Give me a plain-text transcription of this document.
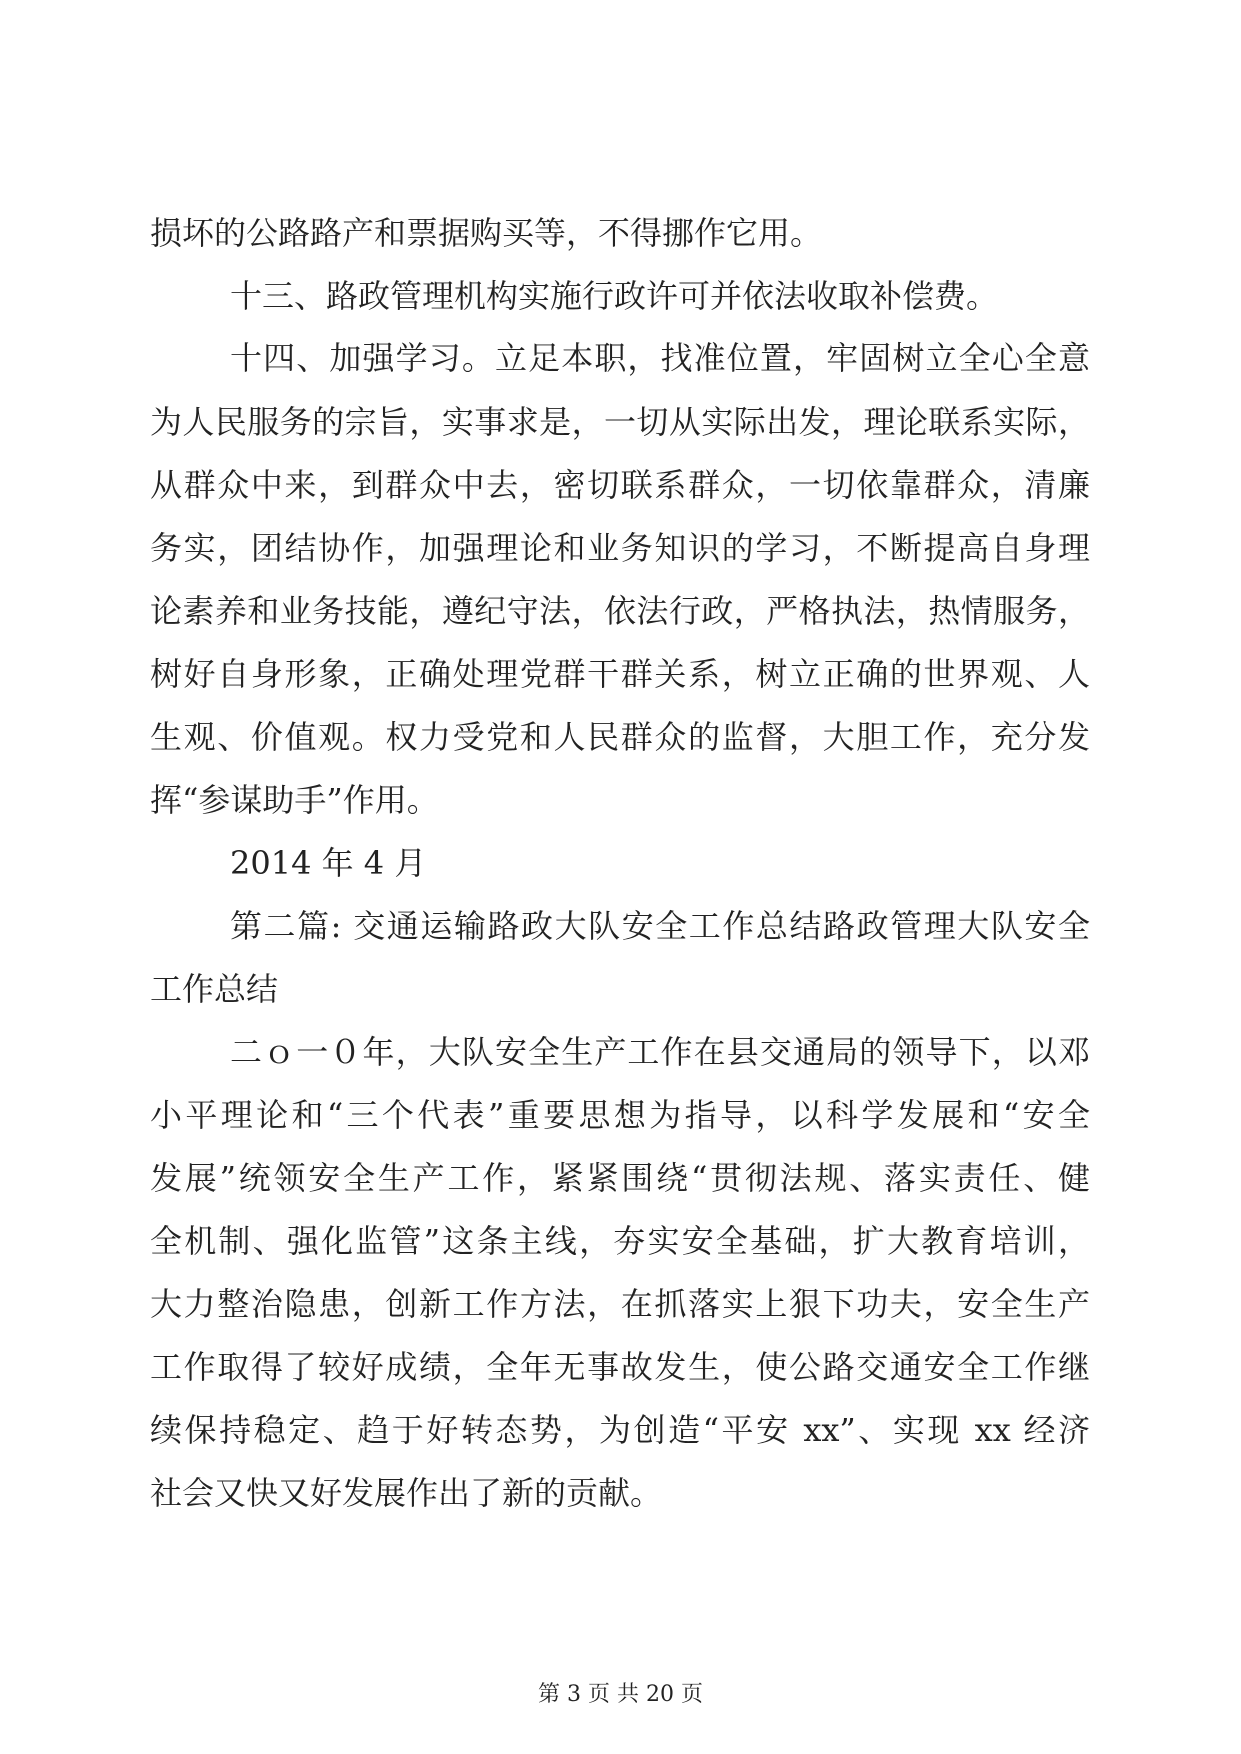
损坏的公路路产和票据购买等，不得挪作它用。
十三、路政管理机构实施行政许可并依法收取补偿费。
十四、加强学习。立足本职，找准位置，牢固树立全心全意
为人民服务的宗旨，实事求是，一切从实际出发，理论联系实际，
从群众中来，到群众中去，密切联系群众，一切依靠群众，清廉
务实，团结协作，加强理论和业务知识的学习，不断提高自身理
论素养和业务技能，遵纪守法，依法行政，严格执法，热情服务，
树好自身形象，正确处理党群干群关系，树立正确的世界观、人
生观、价值观。权力受党和人民群众的监督，大胆工作，充分发
挥“参谋助手”作用。
2014 年 4 月
第二篇: 交通运输路政大队安全工作总结路政管理大队安全
工作总结
二ｏ一０年，大队安全生产工作在县交通局的领导下，以邓
小平理论和“三个代表”重要思想为指导，以科学发展和“安全
发展”统领安全生产工作，紧紧围绕“贯彻法规、落实责任、健
全机制、强化监管”这条主线，夯实安全基础，扩大教育培训，
大力整治隐患，创新工作方法，在抓落实上狠下功夫，安全生产
工作取得了较好成绩，全年无事故发生，使公路交通安全工作继
续保持稳定、趋于好转态势，为创造“平安 xx”、实现 xx 经济
社会又快又好发展作出了新的贡献。
第 3 页 共 20 页
